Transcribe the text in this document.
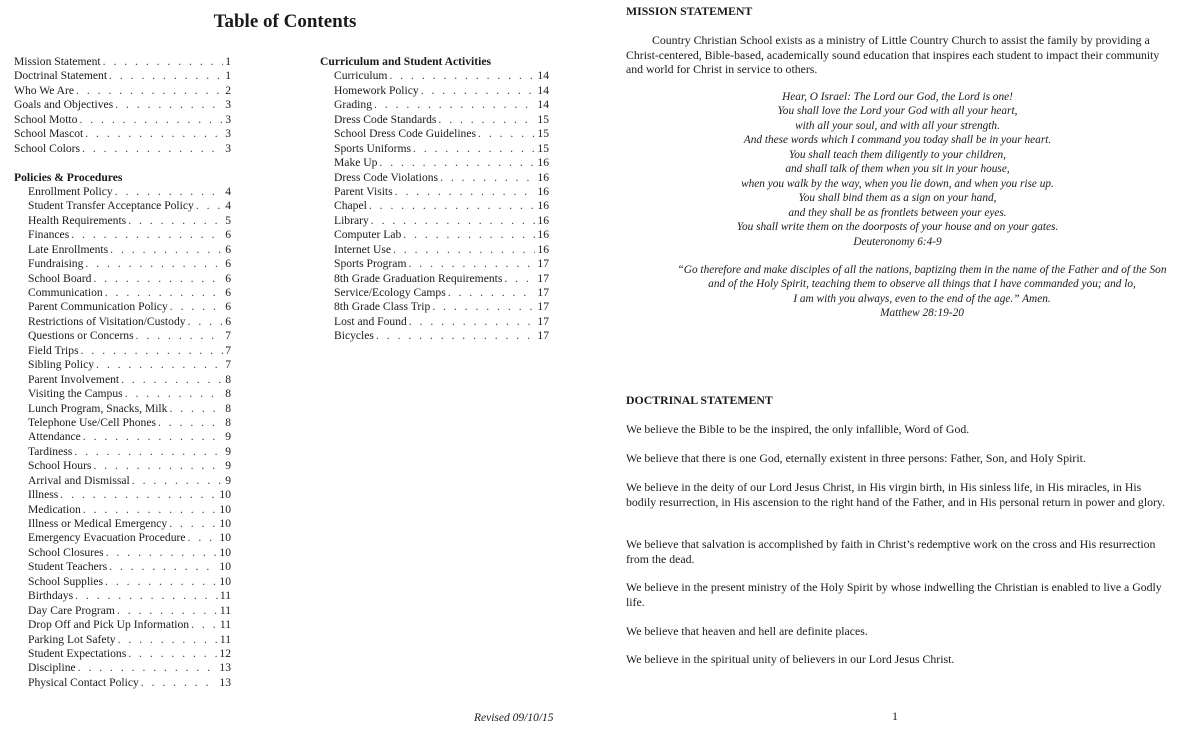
Table of Contents
Mission Statement . . .	1
Doctrinal Statement . . .	1
Who We Are . . .	2
Goals and Objectives . . .	3
School Motto . . .	3
School Mascot . . .	3
School Colors . . .	3
Policies & Procedures
Enrollment Policy . . .	4
Student Transfer Acceptance Policy . . .	4
Health Requirements . . .	5
Finances . . .	6
Late Enrollments . . .	6
Fundraising . . .	6
School Board . . .	6
Communication . . .	6
Parent Communication Policy . . .	6
Restrictions of Visitation/Custody . . .	6
Questions or Concerns . . .	7
Field Trips . . .	7
Sibling Policy . . .	7
Parent Involvement . . .	8
Visiting the Campus . . .	8
Lunch Program, Snacks, Milk . . .	8
Telephone Use/Cell Phones . . .	8
Attendance . . .	9
Tardiness . . .	9
School Hours . . .	9
Arrival and Dismissal . . .	9
Illness . . .	10
Medication . . .	10
Illness or Medical Emergency . . .	10
Emergency Evacuation Procedure . . .	10
School Closures . . .	10
Student Teachers . . .	10
School Supplies . . .	10
Birthdays . . .	11
Day Care Program . . .	11
Drop Off and Pick Up Information . . .	11
Parking Lot Safety . . .	11
Student Expectations . . .	12
Discipline . . .	13
Physical Contact Policy . . .	13
Curriculum and Student Activities
Curriculum . . .	14
Homework Policy . . .	14
Grading . . .	14
Dress Code Standards . . .	15
School Dress Code Guidelines . . .	15
Sports Uniforms . . .	15
Make Up . . .	16
Dress Code Violations . . .	16
Parent Visits . . .	16
Chapel . . .	16
Library . . .	16
Computer Lab . . .	16
Internet Use . . .	16
Sports Program . . .	17
8th Grade Graduation Requirements . . .	17
Service/Ecology Camps . . .	17
8th Grade Class Trip . . .	17
Lost and Found . . .	17
Bicycles . . .	17
Revised 09/10/15
MISSION STATEMENT
Country Christian School exists as a ministry of Little Country Church to assist the family by providing a Christ-centered, Bible-based, academically sound education that inspires each student to impact their community and world for Christ in service to others.
Hear, O Israel: The Lord our God, the Lord is one!
You shall love the Lord your God with all your heart,
with all your soul, and with all your strength.
And these words which I command you today shall be in your heart.
You shall teach them diligently to your children,
and shall talk of them when you sit in your house,
when you walk by the way, when you lie down, and when you rise up.
You shall bind them as a sign on your hand,
and they shall be as frontlets between your eyes.
You shall write them on the doorposts of your house and on your gates.
Deuteronomy 6:4-9
“Go therefore and make disciples of all the nations, baptizing them in the name of the Father and of the Son
and of the Holy Spirit, teaching them to observe all things that I have commanded you; and lo,
I am with you always, even to the end of the age.” Amen.
Matthew 28:19-20
DOCTRINAL STATEMENT
We believe the Bible to be the inspired, the only infallible, Word of God.
We believe that there is one God, eternally existent in three persons: Father, Son, and Holy Spirit.
We believe in the deity of our Lord Jesus Christ, in His virgin birth, in His sinless life, in His miracles, in His bodily resurrection, in His ascension to the right hand of the Father, and in His personal return in power and glory.
We believe that salvation is accomplished by faith in Christ’s redemptive work on the cross and His resurrection from the dead.
We believe in the present ministry of the Holy Spirit by whose indwelling the Christian is enabled to live a Godly life.
We believe that heaven and hell are definite places.
We believe in the spiritual unity of believers in our Lord Jesus Christ.
1
